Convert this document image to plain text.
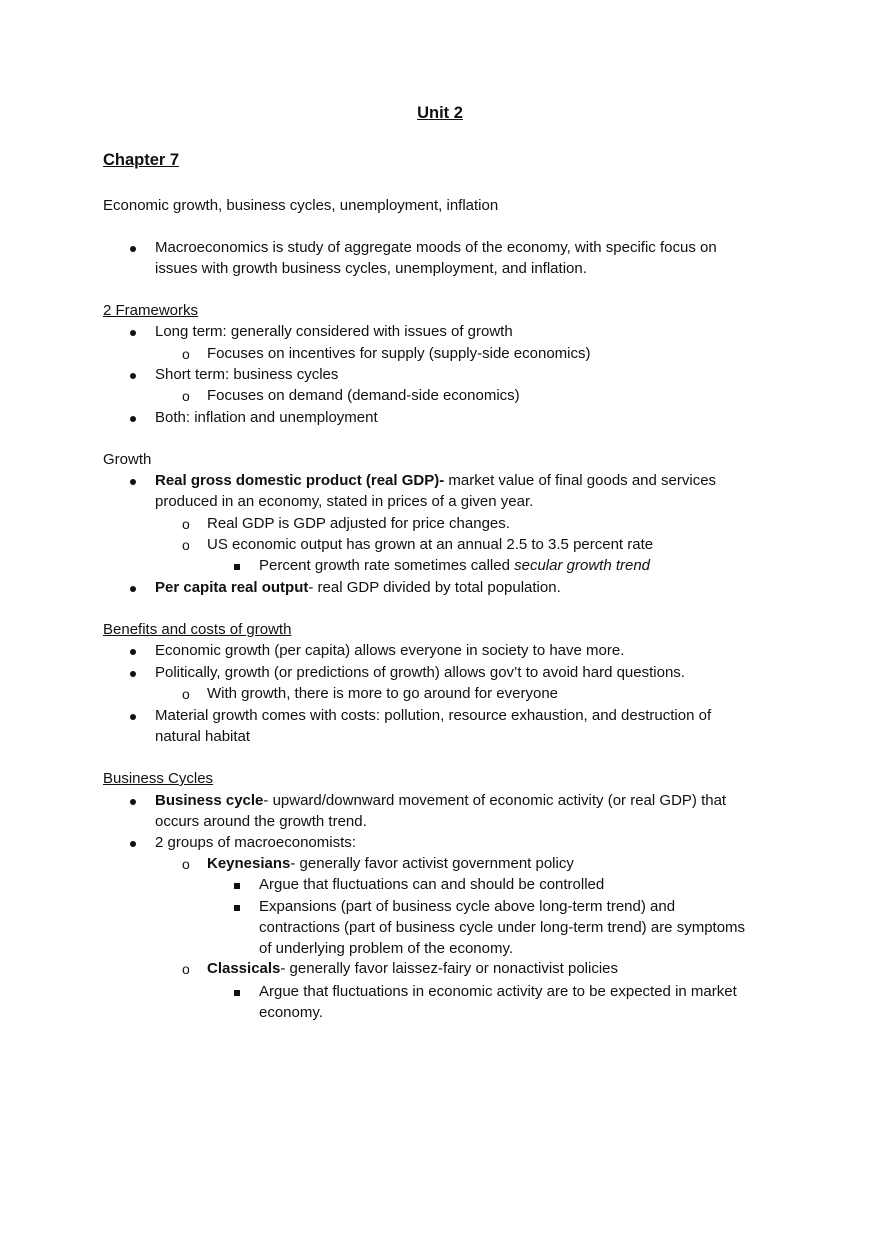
Unit 2
Chapter 7
Economic growth, business cycles, unemployment, inflation
Macroeconomics is study of aggregate moods of the economy, with specific focus on
issues with growth business cycles, unemployment, and inflation.
2 Frameworks
Long term: generally considered with issues of growth
o Focuses on incentives for supply (supply-side economics)
Short term: business cycles
o Focuses on demand (demand-side economics)
Both: inflation and unemployment
Growth
Real gross domestic product (real GDP)- market value of final goods and services
produced in an economy, stated in prices of a given year.
o Real GDP is GDP adjusted for price changes.
o US economic output has grown at an annual 2.5 to 3.5 percent rate
Percent growth rate sometimes called secular growth trend
Per capita real output- real GDP divided by total population.
Benefits and costs of growth
Economic growth (per capita) allows everyone in society to have more.
Politically, growth (or predictions of growth) allows gov’t to avoid hard questions.
o With growth, there is more to go around for everyone
Material growth comes with costs: pollution, resource exhaustion, and destruction of
natural habitat
Business Cycles
Business cycle- upward/downward movement of economic activity (or real GDP) that
occurs around the growth trend.
2 groups of macroeconomists:
o Keynesians- generally favor activist government policy
Argue that fluctuations can and should be controlled
Expansions (part of business cycle above long-term trend) and
contractions (part of business cycle under long-term trend) are symptoms
of underlying problem of the economy.
o Classicals- generally favor laissez-fairy or nonactivist policies
Argue that fluctuations in economic activity are to be expected in market
economy.
